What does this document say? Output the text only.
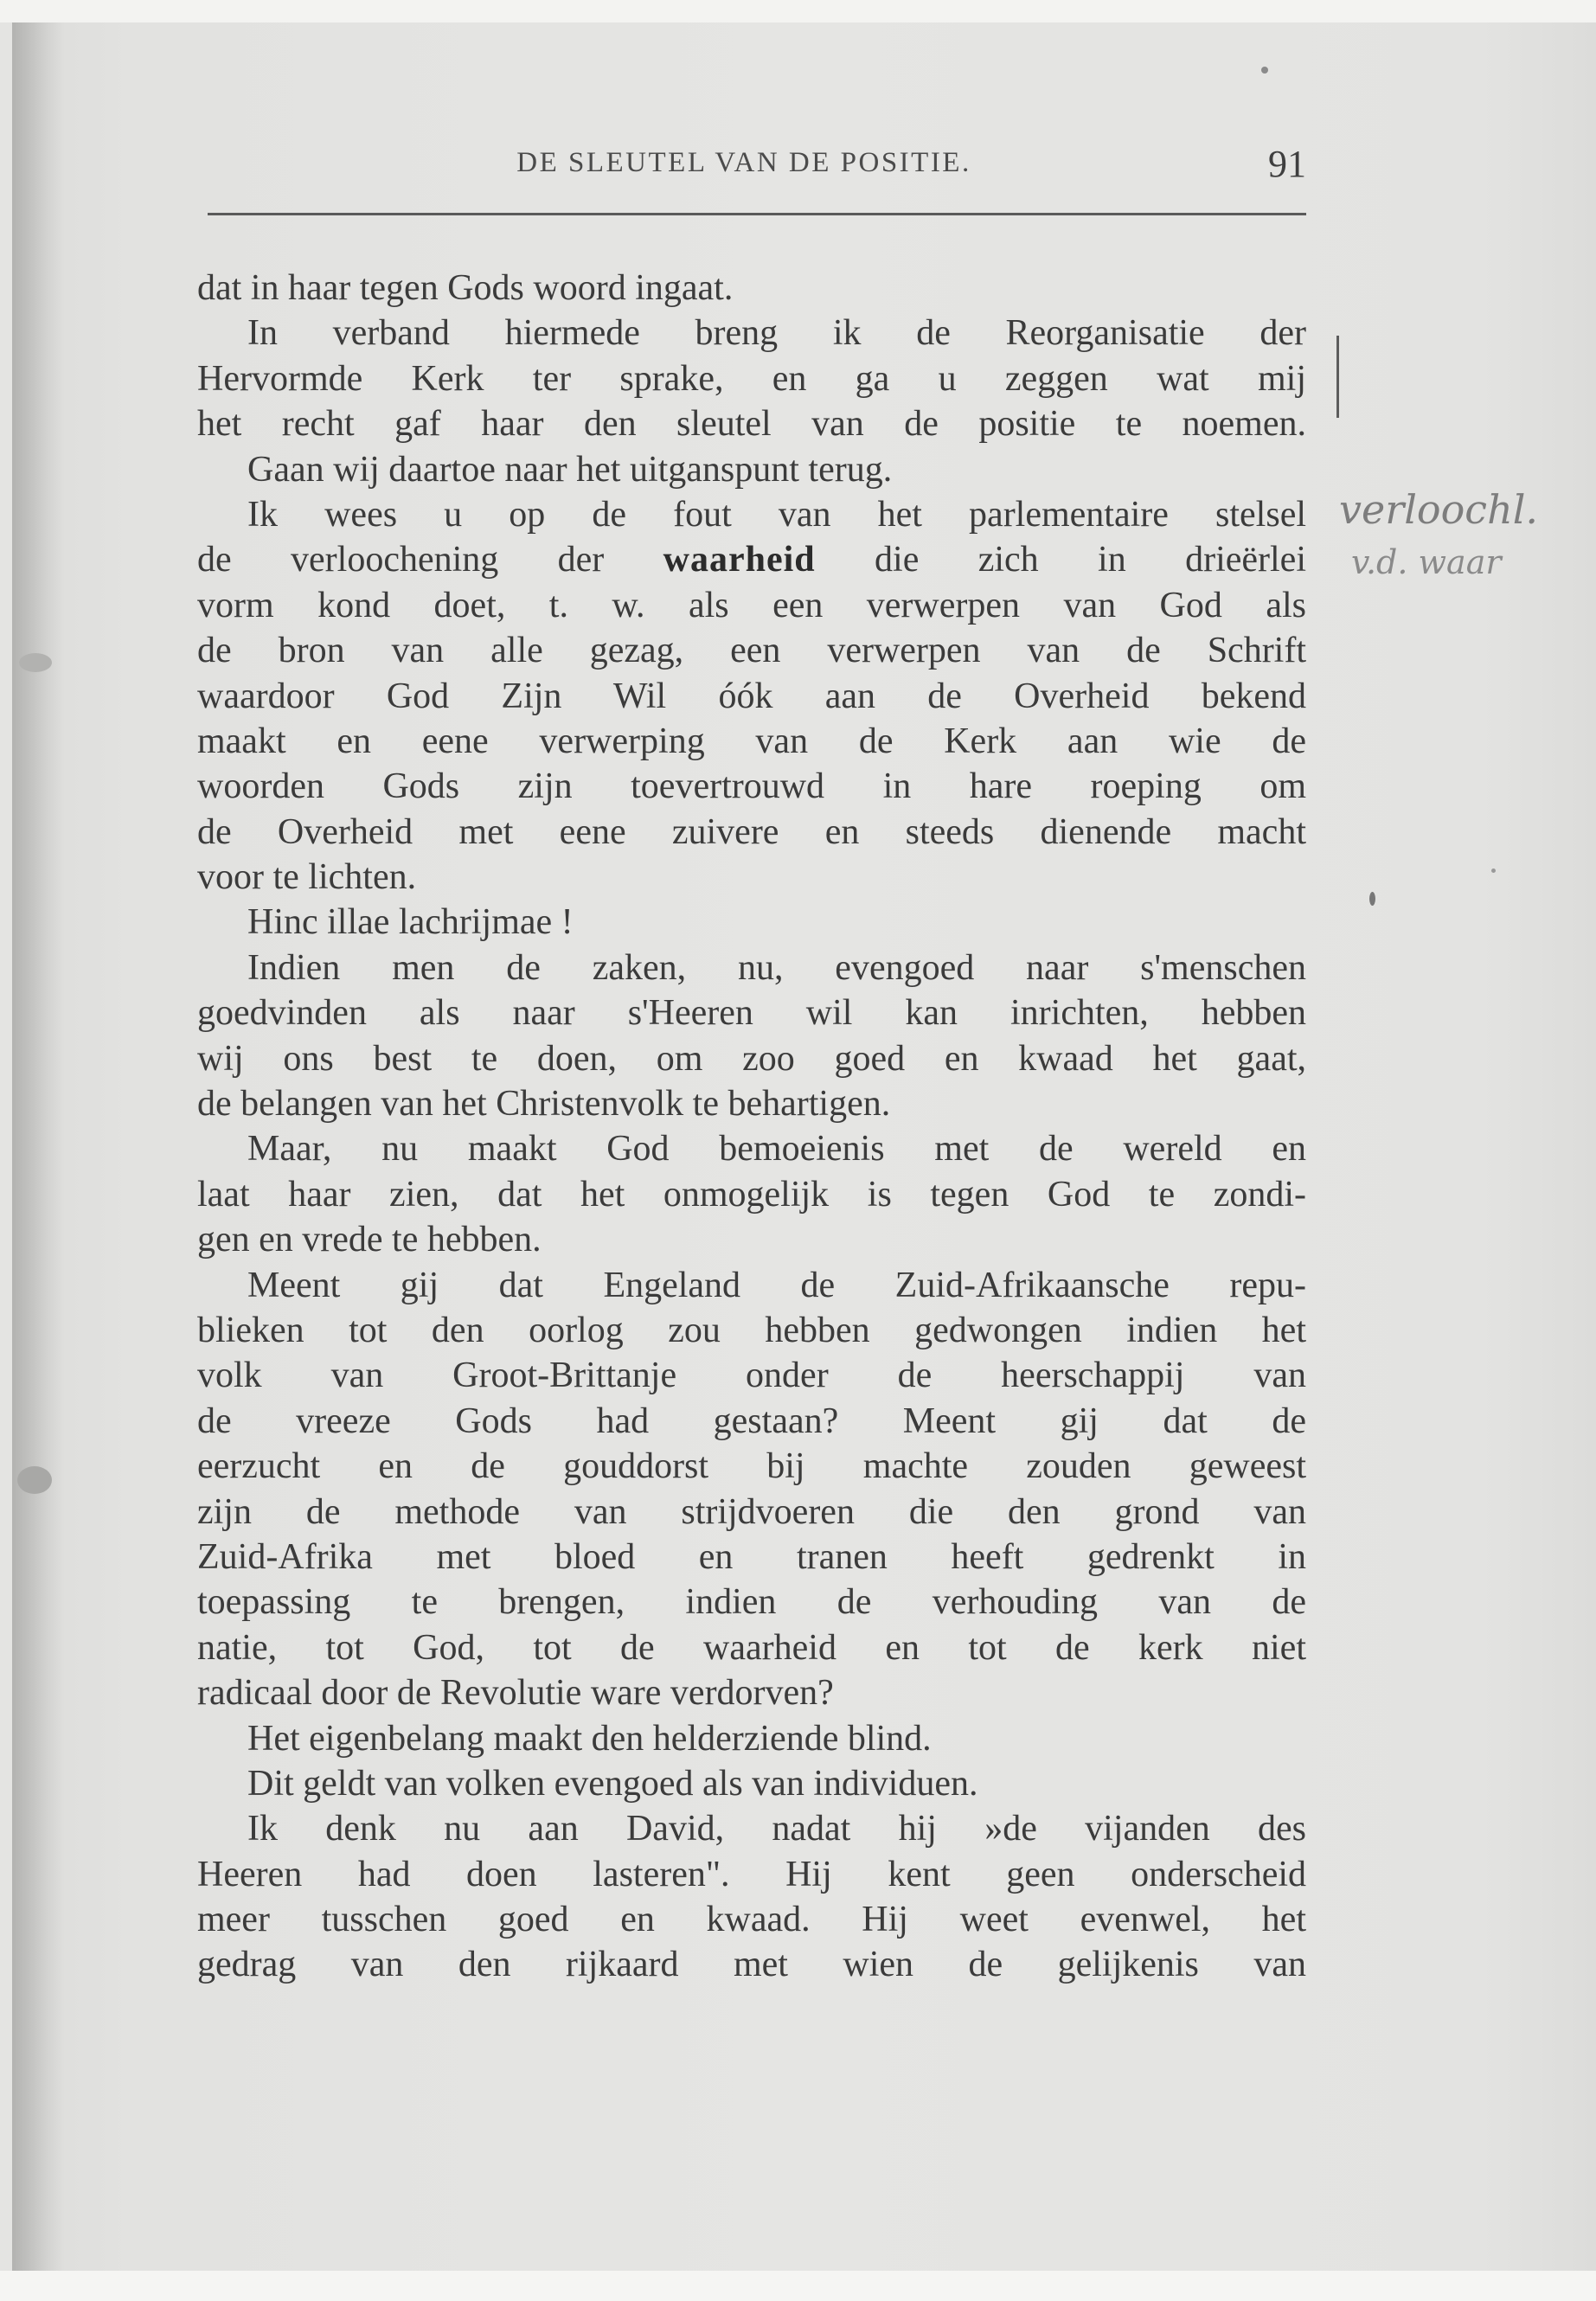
DE SLEUTEL VAN DE POSITIE.	91
dat in haar tegen Gods woord ingaat.
In verband hiermede breng ik de Reorganisatie der
Hervormde Kerk ter sprake, en ga u zeggen wat mij
het recht gaf haar den sleutel van de positie te noemen.
Gaan wij daartoe naar het uitganspunt terug.
Ik wees u op de fout van het parlementaire stelsel
de verloochening der waarheid die zich in drieërlei
vorm kond doet, t. w. als een verwerpen van God als
de bron van alle gezag, een verwerpen van de Schrift
waardoor God Zijn Wil óók aan de Overheid bekend
maakt en eene verwerping van de Kerk aan wie de
woorden Gods zijn toevertrouwd in hare roeping om
de Overheid met eene zuivere en steeds dienende macht
voor te lichten.
Hinc illae lachrijmae !
Indien men de zaken, nu, evengoed naar s'menschen
goedvinden als naar s'Heeren wil kan inrichten, hebben
wij ons best te doen, om zoo goed en kwaad het gaat,
de belangen van het Christenvolk te behartigen.
Maar, nu maakt God bemoeienis met de wereld en
laat haar zien, dat het onmogelijk is tegen God te zondi-
gen en vrede te hebben.
Meent gij dat Engeland de Zuid-Afrikaansche repu-
blieken tot den oorlog zou hebben gedwongen indien het
volk van Groot-Brittanje onder de heerschappij van
de vreeze Gods had gestaan? Meent gij dat de
eerzucht en de gouddorst bij machte zouden geweest
zijn de methode van strijdvoeren die den grond van
Zuid-Afrika met bloed en tranen heeft gedrenkt in
toepassing te brengen, indien de verhouding van de
natie, tot God, tot de waarheid en tot de kerk niet
radicaal door de Revolutie ware verdorven?
Het eigenbelang maakt den helderziende blind.
Dit geldt van volken evengoed als van individuen.
Ik denk nu aan David, nadat hij »de vijanden des
Heeren had doen lasteren". Hij kent geen onderscheid
meer tusschen goed en kwaad. Hij weet evenwel, het
gedrag van den rijkaard met wien de gelijkenis van
verloochl.
v.d. waar
